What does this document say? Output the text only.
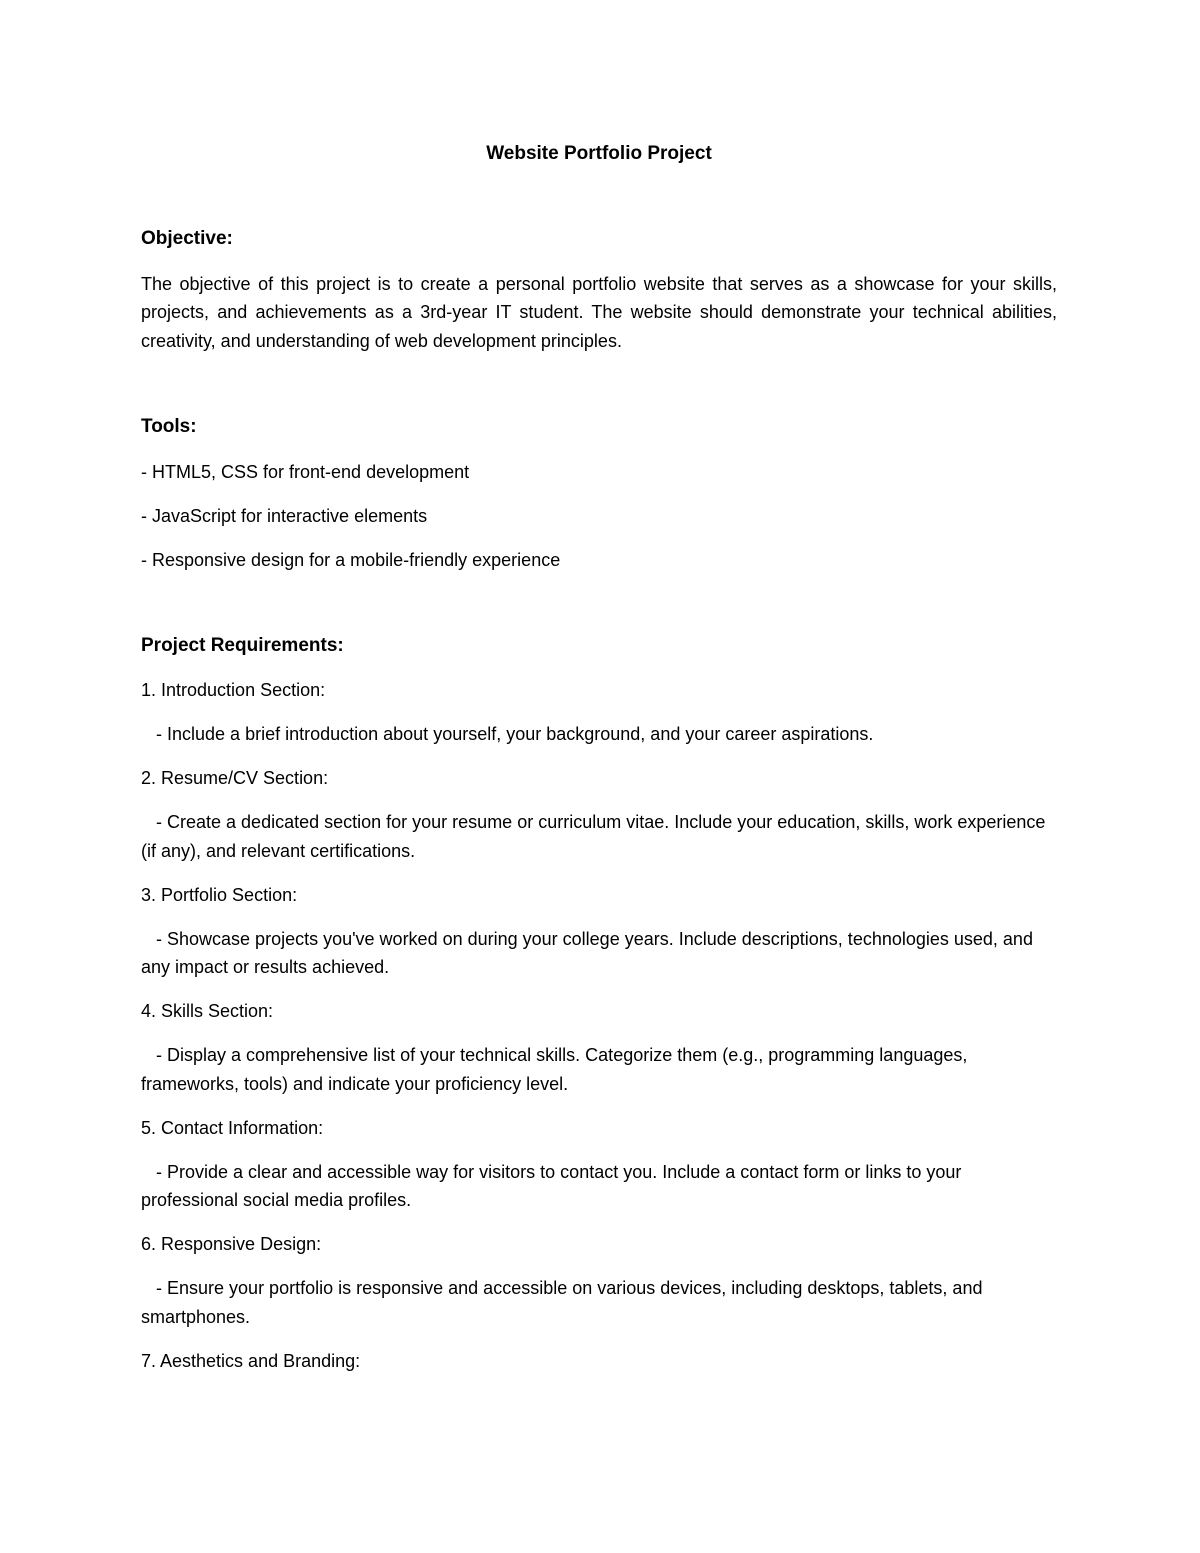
Website Portfolio Project
Objective:

The objective of this project is to create a personal portfolio website that serves as a showcase for your skills, projects, and achievements as a 3rd-year IT student. The website should demonstrate your technical abilities, creativity, and understanding of web development principles.

Tools:
- HTML5, CSS for front-end development
- JavaScript for interactive elements
- Responsive design for a mobile-friendly experience
Project Requirements:
1. Introduction Section:
- Include a brief introduction about yourself, your background, and your career aspirations.
2. Resume/CV Section:
- Create a dedicated section for your resume or curriculum vitae. Include your education, skills, work experience (if any), and relevant certifications.
3. Portfolio Section:
- Showcase projects you've worked on during your college years. Include descriptions, technologies used, and any impact or results achieved.
4. Skills Section:
- Display a comprehensive list of your technical skills. Categorize them (e.g., programming languages, frameworks, tools) and indicate your proficiency level.
5. Contact Information:
- Provide a clear and accessible way for visitors to contact you. Include a contact form or links to your professional social media profiles.
6. Responsive Design:
- Ensure your portfolio is responsive and accessible on various devices, including desktops, tablets, and smartphones.
7. Aesthetics and Branding:
